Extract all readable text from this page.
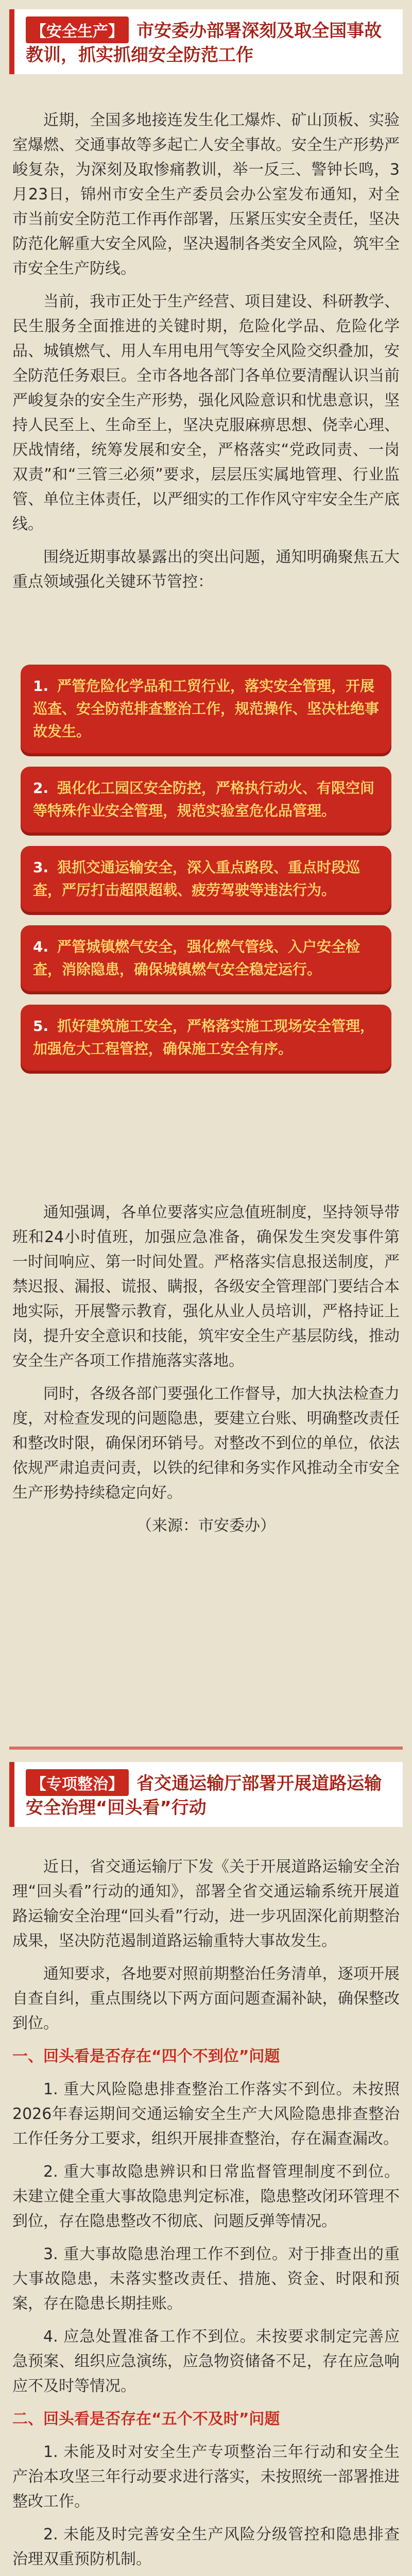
【安全生产】 市安委办部署深刻及取全国事故教训，抓实抓细安全防范工作

近期，全国多地接连发生化工爆炸、矿山顶板、实验室爆燃、交通事故等多起亡人安全事故。安全生产形势严峻复杂，为深刻及取惨痛教训，举一反三、警钟长鸣，3月23日，锦州市安全生产委员会办公室发布通知，对全市当前安全防范工作再作部署，压紧压实安全责任，坚决防范化解重大安全风险，坚决遏制各类安全风险，筑牢全市安全生产防线。

当前，我市正处于生产经营、项目建设、科研教学、民生服务全面推进的关键时期，危险化学品、危险化学品、城镇燃气、用人车用电用气等安全风险交织叠加，安全防范任务艰巨。全市各地各部门各单位要清醒认识当前严峻复杂的安全生产形势，强化风险意识和忧患意识，坚持人民至上、生命至上，坚决克服麻痹思想、侥幸心理、厌战情绪，统筹发展和安全，严格落实“党政同责、一岗双责”和“三管三必须”要求，层层压实属地管理、行业监管、单位主体责任，以严细实的工作作风守牢安全生产底线。

围绕近期事故暴露出的突出问题，通知明确聚焦五大重点领域强化关键环节管控：

1. 严管危险化学品和工贸行业，落实安全管理，开展巡查、安全防范排查整治工作，规范操作、坚决杜绝事故发生。
2. 强化化工园区安全防控，严格执行动火、有限空间等特殊作业安全管理，规范实验室危化品管理。
3. 狠抓交通运输安全，深入重点路段、重点时段巡查，严厉打击超限超载、疲劳驾驶等违法行为。
4. 严管城镇燃气安全，强化燃气管线、入户安全检查，消除隐患，确保城镇燃气安全稳定运行。
5. 抓好建筑施工安全，严格落实施工现场安全管理，加强危大工程管控，确保施工安全有序。

通知强调，各单位要落实应急值班制度，坚持领导带班和24小时值班，加强应急准备，确保发生突发事件第一时间响应、第一时间处置。严格落实信息报送制度，严禁迟报、漏报、谎报、瞒报，各级安全管理部门要结合本地实际，开展警示教育，强化从业人员培训，严格持证上岗，提升安全意识和技能，筑牢安全生产基层防线，推动安全生产各项工作措施落实落地。

同时，各级各部门要强化工作督导，加大执法检查力度，对检查发现的问题隐患，要建立台账、明确整改责任和整改时限，确保闭环销号。对整改不到位的单位，依法依规严肃追责问责，以铁的纪律和务实作风推动全市安全生产形势持续稳定向好。

（来源：市安委办）

【专项整治】 省交通运输厅部署开展道路运输安全治理“回头看”行动

近日，省交通运输厅下发《关于开展道路运输安全治理“回头看”行动的通知》，部署全省交通运输系统开展道路运输安全治理“回头看”行动，进一步巩固深化前期整治成果，坚决防范遏制道路运输重特大事故发生。

通知要求，各地要对照前期整治任务清单，逐项开展自查自纠，重点围绕以下两方面问题查漏补缺，确保整改到位。

一、回头看是否存在“四个不到位”问题

1. 重大风险隐患排查整治工作落实不到位。未按照2026年春运期间交通运输安全生产大风险隐患排查整治工作任务分工要求，组织开展排查整治，存在漏查漏改。

2. 重大事故隐患辨识和日常监督管理制度不到位。未建立健全重大事故隐患判定标准，隐患整改闭环管理不到位，存在隐患整改不彻底、问题反弹等情况。

3. 重大事故隐患治理工作不到位。对于排查出的重大事故隐患，未落实整改责任、措施、资金、时限和预案，存在隐患长期挂账。

4. 应急处置准备工作不到位。未按要求制定完善应急预案、组织应急演练，应急物资储备不足，存在应急响应不及时等情况。

二、回头看是否存在“五个不及时”问题

1. 未能及时对安全生产专项整治三年行动和安全生产治本攻坚三年行动要求进行落实，未按照统一部署推进整改工作。

2. 未能及时完善安全生产风险分级管控和隐患排查治理双重预防机制。
